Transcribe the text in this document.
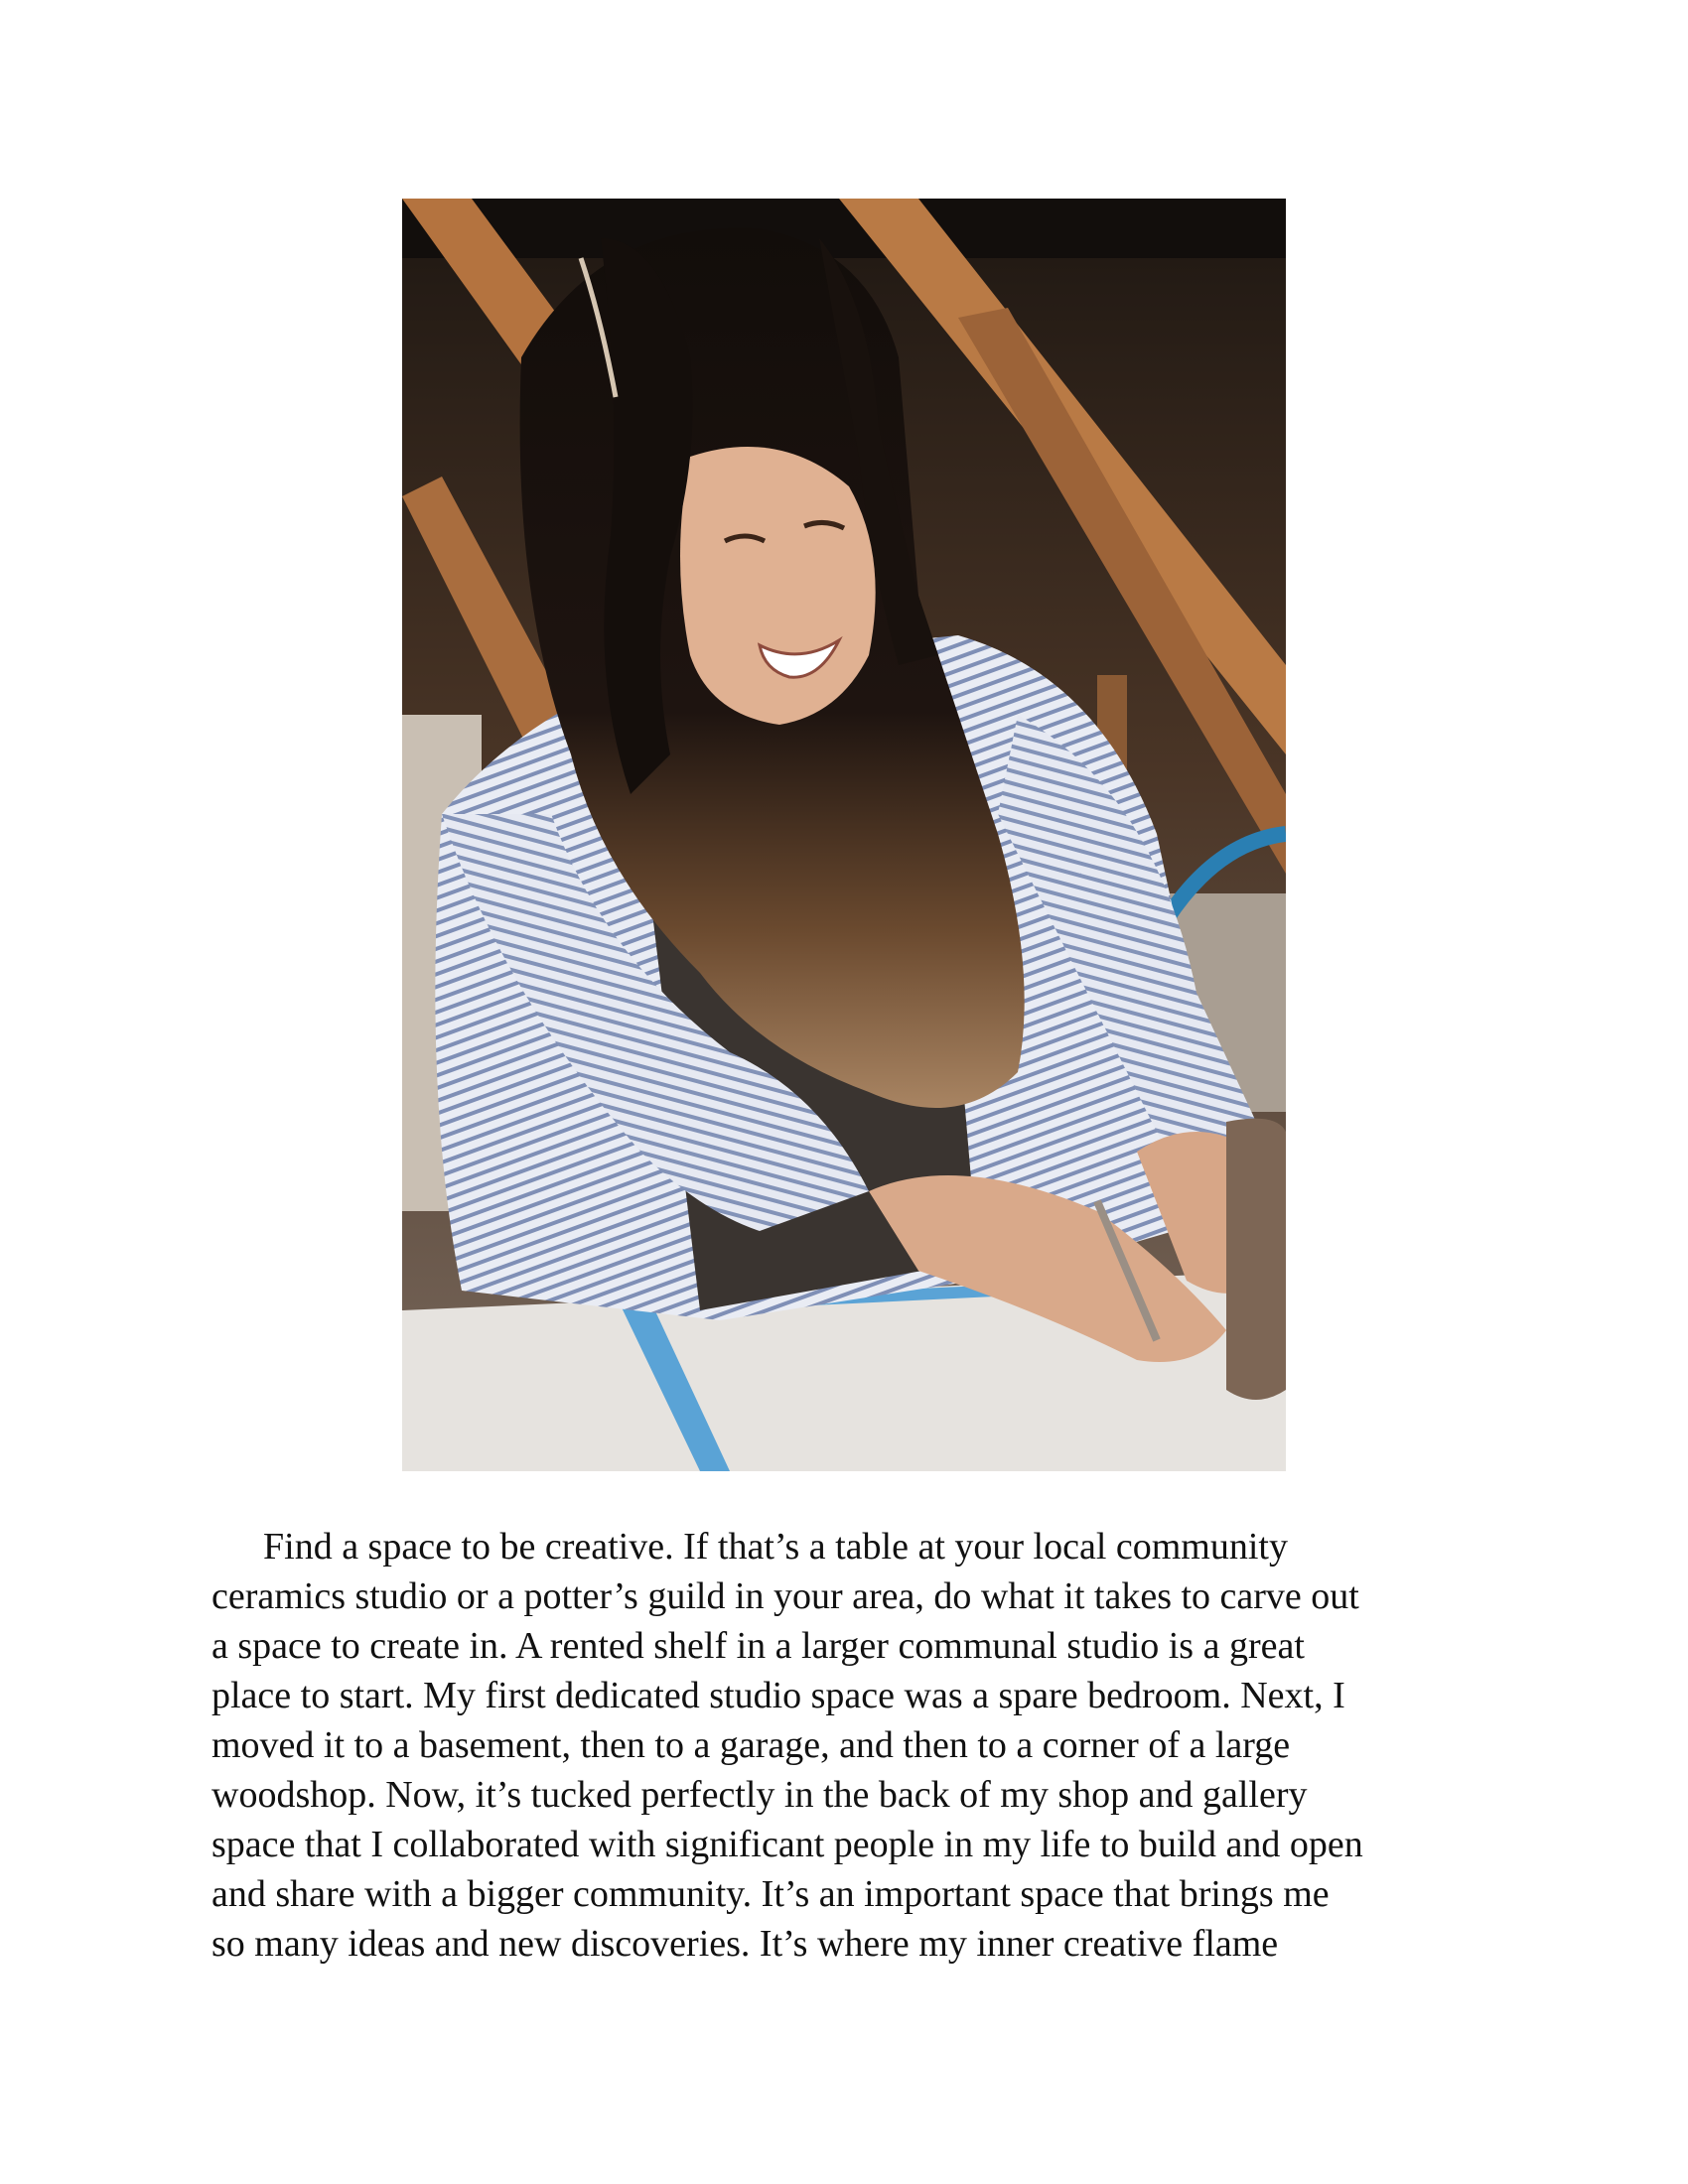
Find a space to be creative. If that’s a table at your local community
ceramics studio or a potter’s guild in your area, do what it takes to carve out
a space to create in. A rented shelf in a larger communal studio is a great
place to start. My first dedicated studio space was a spare bedroom. Next, I
moved it to a basement, then to a garage, and then to a corner of a large
woodshop. Now, it’s tucked perfectly in the back of my shop and gallery
space that I collaborated with significant people in my life to build and open
and share with a bigger community. It’s an important space that brings me
so many ideas and new discoveries. It’s where my inner creative flame
